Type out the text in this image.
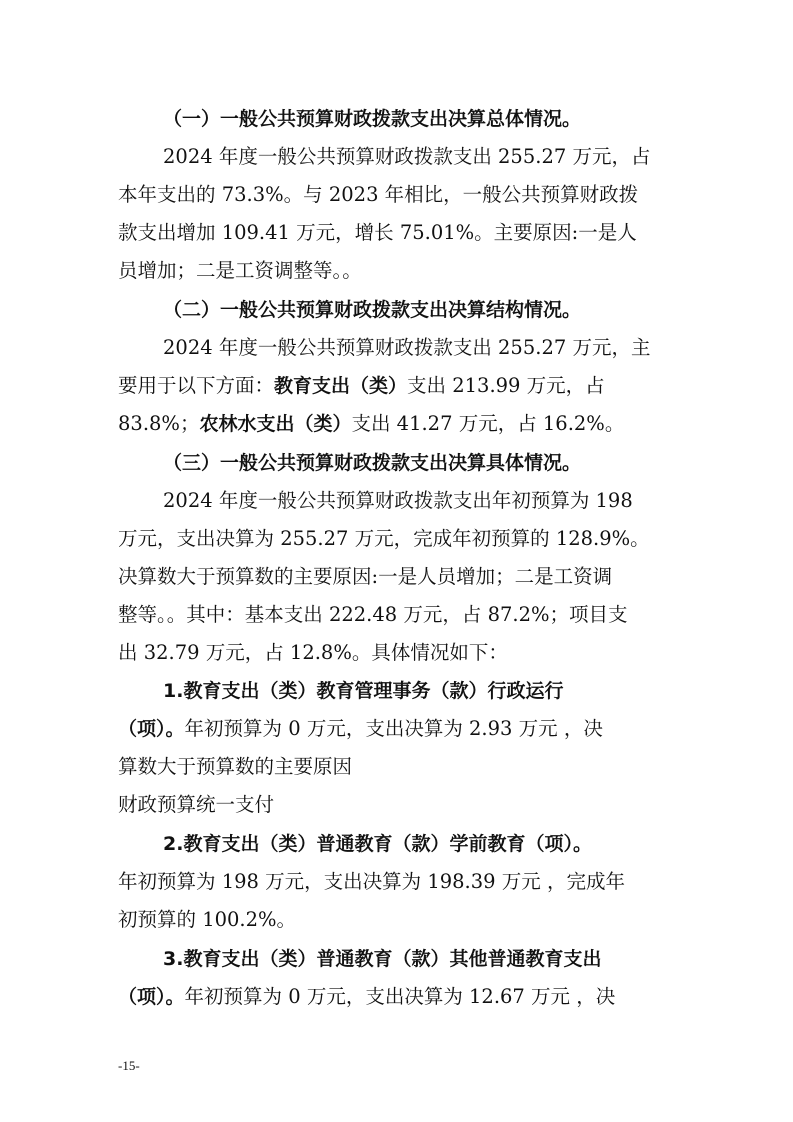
（一）一般公共预算财政拨款支出决算总体情况。
2024 年度一般公共预算财政拨款支出 255.27 万元，占
本年支出的 73.3%。与 2023 年相比，一般公共预算财政拨
款支出增加 109.41 万元，增长 75.01%。主要原因:一是人
员增加；二是工资调整等。。
（二）一般公共预算财政拨款支出决算结构情况。
2024 年度一般公共预算财政拨款支出 255.27 万元，主
要用于以下方面：教育支出（类）支出 213.99 万元，占
83.8%；农林水支出（类）支出 41.27 万元，占 16.2%。
（三）一般公共预算财政拨款支出决算具体情况。
2024 年度一般公共预算财政拨款支出年初预算为 198
万元，支出决算为 255.27 万元，完成年初预算的 128.9%。
决算数大于预算数的主要原因:一是人员增加；二是工资调
整等。。其中：基本支出 222.48 万元，占 87.2%；项目支
出 32.79 万元，占 12.8%。具体情况如下：
1.教育支出（类）教育管理事务（款）行政运行
（项）。年初预算为 0 万元，支出决算为 2.93 万元 ，决
算数大于预算数的主要原因
财政预算统一支付
2.教育支出（类）普通教育（款）学前教育（项）。
年初预算为 198 万元，支出决算为 198.39 万元 ，完成年
初预算的 100.2%。
3.教育支出（类）普通教育（款）其他普通教育支出
（项）。年初预算为 0 万元，支出决算为 12.67 万元 ，决
-15-
